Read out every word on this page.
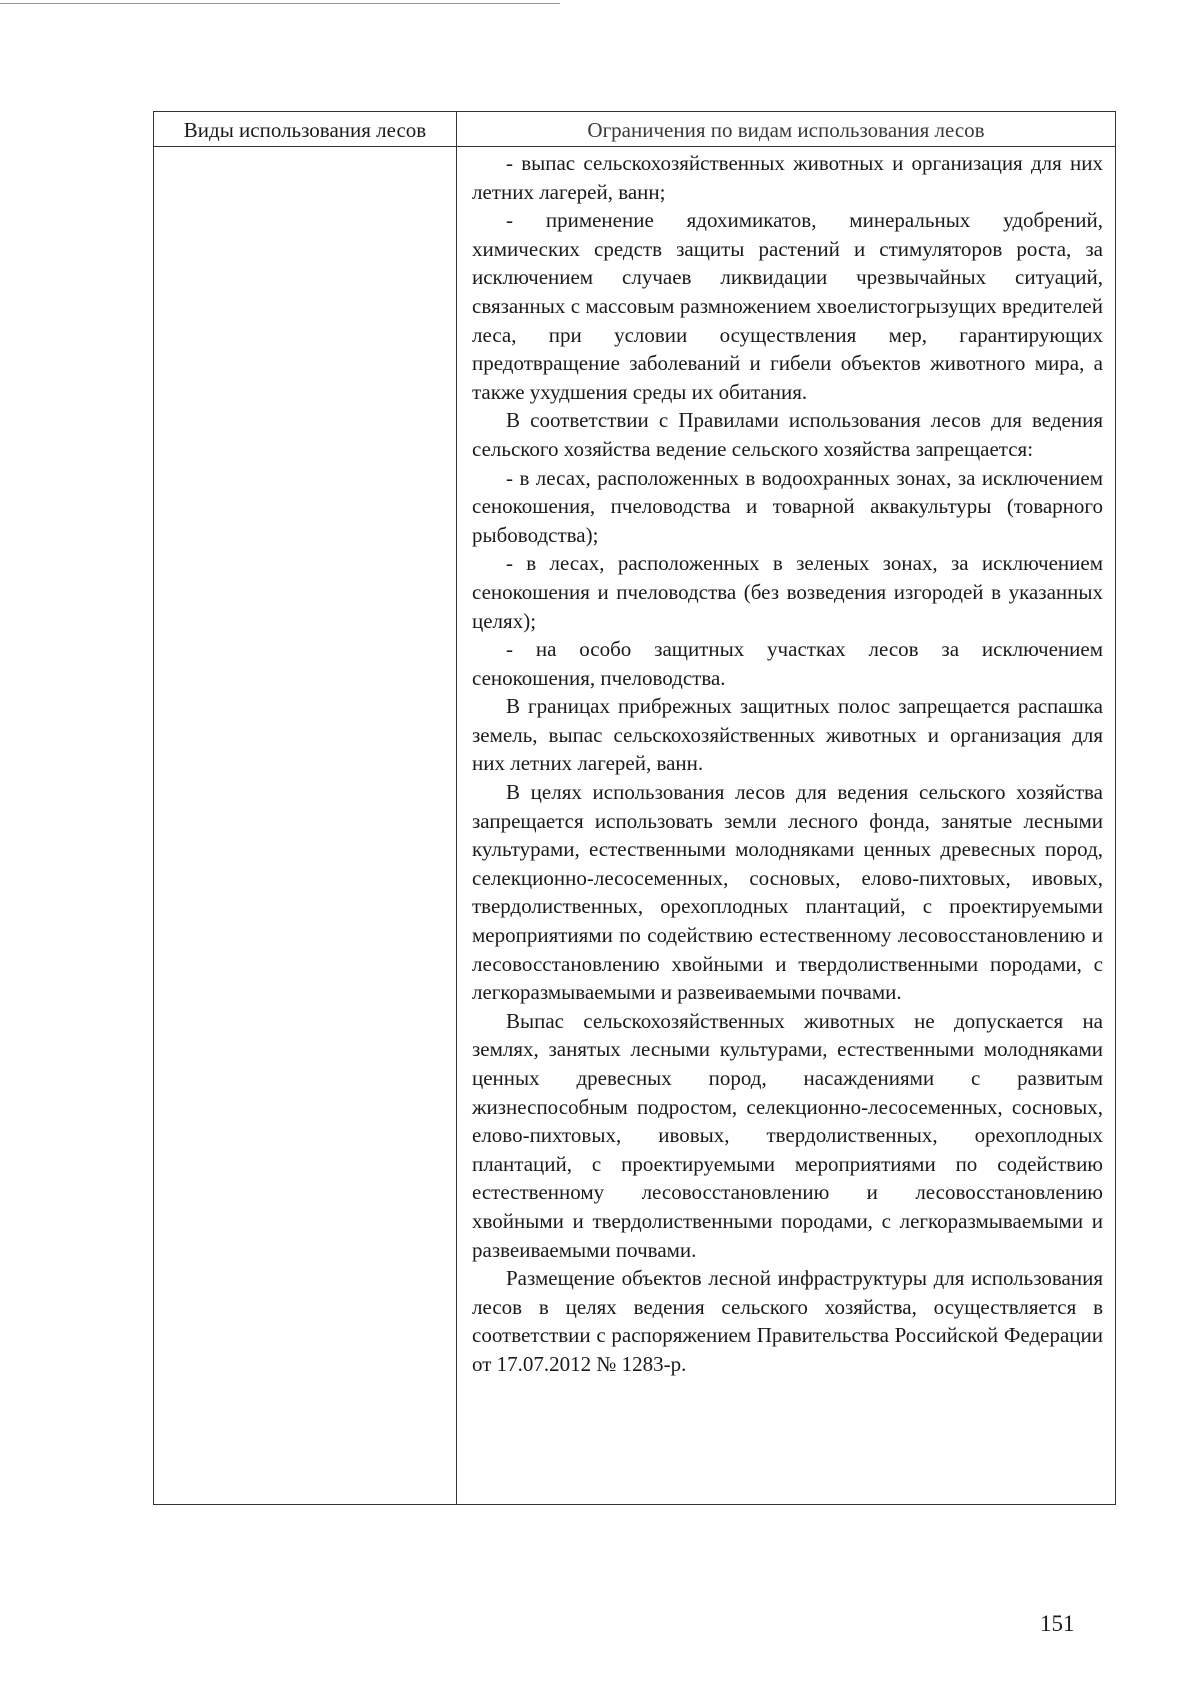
Виды использования лесов	Ограничения по видам использования лесов

- выпас сельскохозяйственных животных и организация для них летних лагерей, ванн;

- применение ядохимикатов, минеральных удобрений, химических средств защиты растений и стимуляторов роста, за исключением случаев ликвидации чрезвычайных ситуаций, связанных с массовым размножением хвоелистогрызущих вредителей леса, при условии осуществления мер, гарантирующих предотвращение заболеваний и гибели объектов животного мира, а также ухудшения среды их обитания.

В соответствии с Правилами использования лесов для ведения сельского хозяйства ведение сельского хозяйства запрещается:

- в лесах, расположенных в водоохранных зонах, за исключением сенокошения, пчеловодства и товарной аквакультуры (товарного рыбоводства);

- в лесах, расположенных в зеленых зонах, за исключением сенокошения и пчеловодства (без возведения изгородей в указанных целях);

- на особо защитных участках лесов за исключением сенокошения, пчеловодства.

В границах прибрежных защитных полос запрещается распашка земель, выпас сельскохозяйственных животных и организация для них летних лагерей, ванн.

В целях использования лесов для ведения сельского хозяйства запрещается использовать земли лесного фонда, занятые лесными культурами, естественными молодняками ценных древесных пород, селекционно-лесосеменных, сосновых, елово-пихтовых, ивовых, твердолиственных, орехоплодных плантаций, с проектируемыми мероприятиями по содействию естественному лесовосстановлению и лесовосстановлению хвойными и твердолиственными породами, с легкоразмываемыми и развеиваемыми почвами.

Выпас сельскохозяйственных животных не допускается на землях, занятых лесными культурами, естественными молодняками ценных древесных пород, насаждениями с развитым жизнеспособным подростом, селекционно-лесосеменных, сосновых, елово-пихтовых, ивовых, твердолиственных, орехоплодных плантаций, с проектируемыми мероприятиями по содействию естественному лесовосстановлению и лесовосстановлению хвойными и твердолиственными породами, с легкоразмываемыми и развеиваемыми почвами.

Размещение объектов лесной инфраструктуры для использования лесов в целях ведения сельского хозяйства, осуществляется в соответствии с распоряжением Правительства Российской Федерации от 17.07.2012 № 1283-р.

151
